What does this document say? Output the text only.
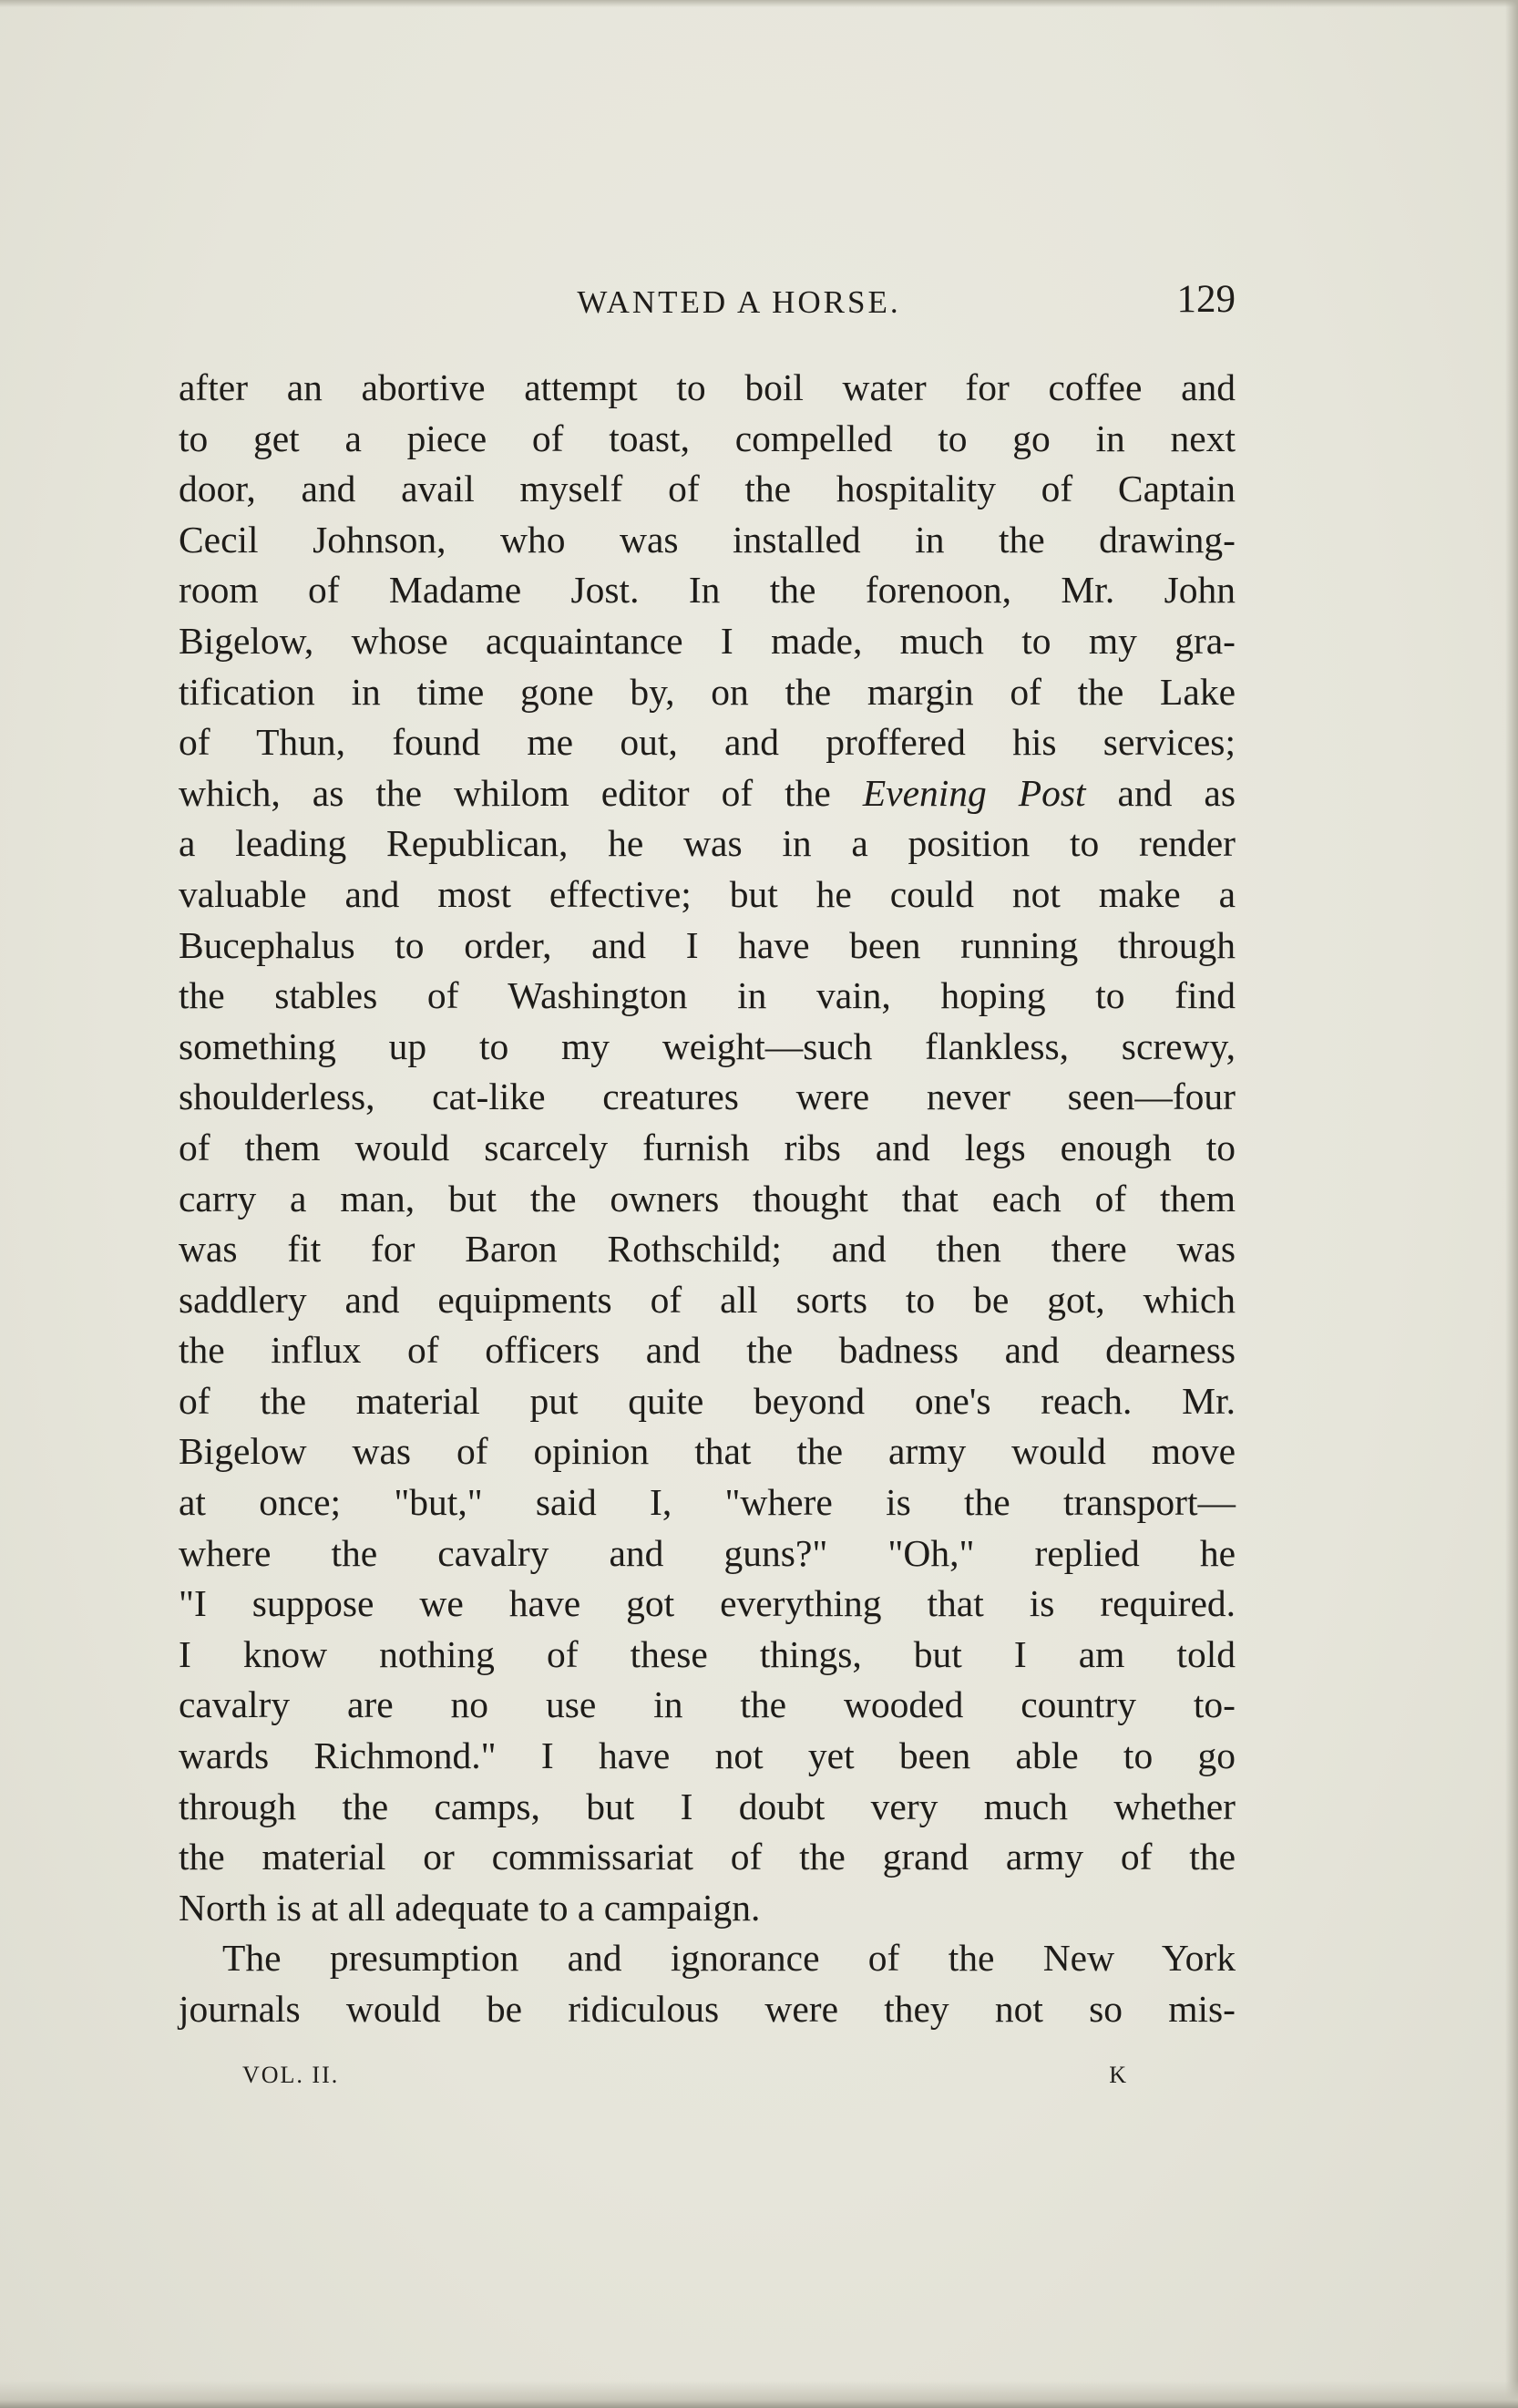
WANTED A HORSE.	129
after an abortive attempt to boil water for coffee and
to get a piece of toast, compelled to go in next
door, and avail myself of the hospitality of Captain
Cecil Johnson, who was installed in the drawing-
room of Madame Jost. In the forenoon, Mr. John
Bigelow, whose acquaintance I made, much to my gra-
tification in time gone by, on the margin of the Lake
of Thun, found me out, and proffered his services;
which, as the whilom editor of the Evening Post and as
a leading Republican, he was in a position to render
valuable and most effective; but he could not make a
Bucephalus to order, and I have been running through
the stables of Washington in vain, hoping to find
something up to my weight—such flankless, screwy,
shoulderless, cat-like creatures were never seen—four
of them would scarcely furnish ribs and legs enough to
carry a man, but the owners thought that each of them
was fit for Baron Rothschild; and then there was
saddlery and equipments of all sorts to be got, which
the influx of officers and the badness and dearness
of the material put quite beyond one's reach. Mr.
Bigelow was of opinion that the army would move
at once; "but," said I, "where is the transport—
where the cavalry and guns?" "Oh," replied he
"I suppose we have got everything that is required.
I know nothing of these things, but I am told
cavalry are no use in the wooded country to-
wards Richmond." I have not yet been able to go
through the camps, but I doubt very much whether
the material or commissariat of the grand army of the
North is at all adequate to a campaign.
The presumption and ignorance of the New York
journals would be ridiculous were they not so mis-
VOL. II.	K
